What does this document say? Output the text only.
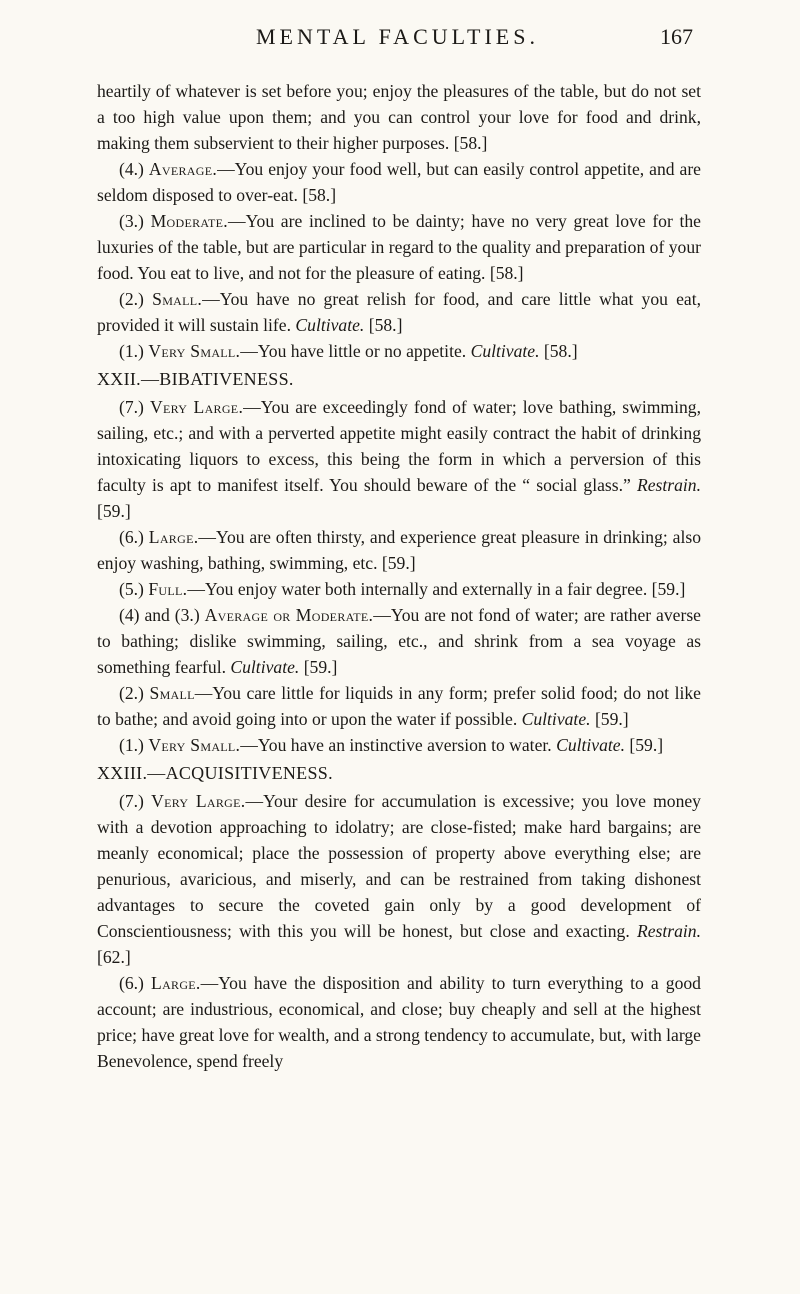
MENTAL FACULTIES.	167

heartily of whatever is set before you; enjoy the pleasures of the table, but do not set a too high value upon them; and you can control your love for food and drink, making them subservient to their higher purposes. [58.]

(4.) Average.—You enjoy your food well, but can easily control appetite, and are seldom disposed to over-eat. [58.]

(3.) Moderate.—You are inclined to be dainty; have no very great love for the luxuries of the table, but are particular in regard to the quality and preparation of your food. You eat to live, and not for the pleasure of eating. [58.]

(2.) Small.—You have no great relish for food, and care little what you eat, provided it will sustain life. Cultivate. [58.]

(1.) Very Small.—You have little or no appetite. Cultivate. [58.]

XXII.—BIBATIVENESS.

(7.) Very Large.—You are exceedingly fond of water; love bathing, swimming, sailing, etc.; and with a perverted appetite might easily contract the habit of drinking intoxicating liquors to excess, this being the form in which a perversion of this faculty is apt to manifest itself. You should beware of the “ social glass.” Restrain. [59.]

(6.) Large.—You are often thirsty, and experience great pleasure in drinking; also enjoy washing, bathing, swimming, etc. [59.]

(5.) Full.—You enjoy water both internally and externally in a fair degree. [59.]

(4) and (3.) Average or Moderate.—You are not fond of water; are rather averse to bathing; dislike swimming, sailing, etc., and shrink from a sea voyage as something fearful. Cultivate. [59.]

(2.) Small—You care little for liquids in any form; prefer solid food; do not like to bathe; and avoid going into or upon the water if possible. Cultivate. [59.]

(1.) Very Small.—You have an instinctive aversion to water. Cultivate. [59.]

XXIII.—ACQUISITIVENESS.

(7.) Very Large.—Your desire for accumulation is excessive; you love money with a devotion approaching to idolatry; are close-fisted; make hard bargains; are meanly economical; place the possession of property above everything else; are penurious, avaricious, and miserly, and can be restrained from taking dishonest advantages to secure the coveted gain only by a good development of Conscientiousness; with this you will be honest, but close and exacting. Restrain. [62.]

(6.) Large.—You have the disposition and ability to turn everything to a good account; are industrious, economical, and close; buy cheaply and sell at the highest price; have great love for wealth, and a strong tendency to accumulate, but, with large Benevolence, spend freely
